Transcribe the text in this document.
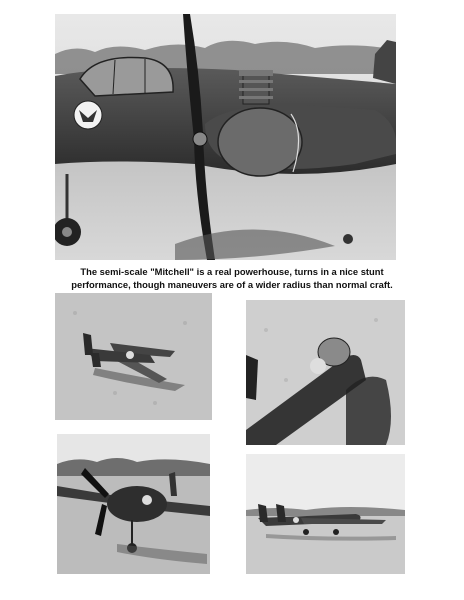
The semi-scale "Mitchell" is a real powerhouse, turns in a nice stunt
performance, though maneuvers are of a wider radius than normal craft.
